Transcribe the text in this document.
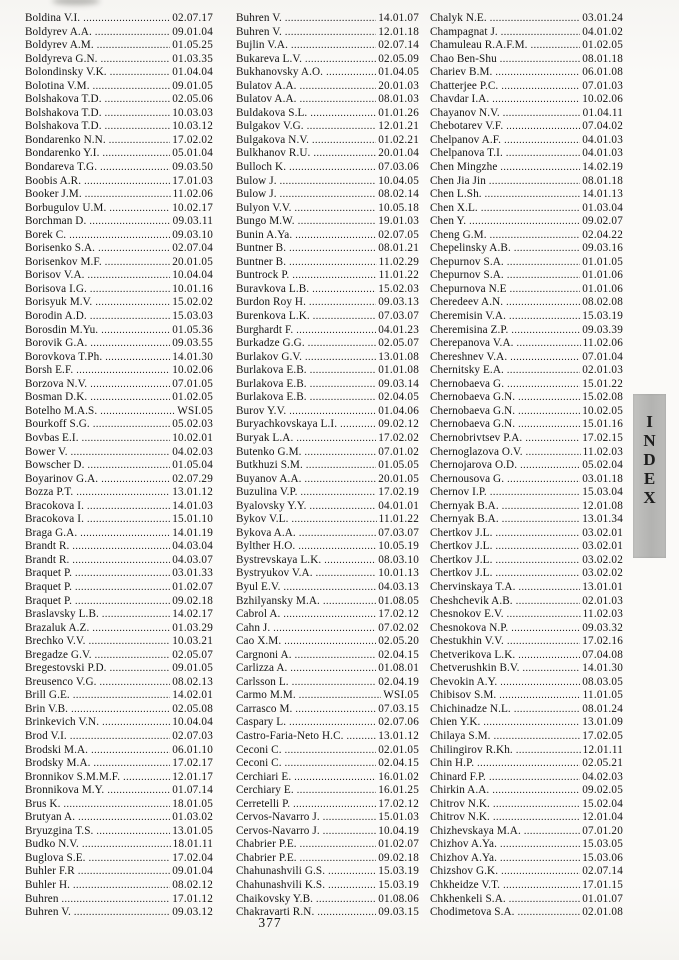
Boldina V.I. .....	02.07.17
Boldyrev A.A. .....	09.01.04
Boldyrev A.M. .....	01.05.25
Boldyreva G.N. .....	01.03.35
Bolondinsky V.K. .....	01.04.04
Bolotina V.M. .....	09.01.05
Bolshakova T.D. .....	02.05.06
Bolshakova T.D. .....	10.03.03
Bolshakova T.D. .....	10.03.12
Bondarenko N.N. .....	17.02.02
Bondarenko Y.I. .....	05.01.04
Bondareva T.G. .....	09.03.50
Boobis A.R. .....	17.01.03
Booker J.M. .....	11.02.06
Borbugulov U.M. .....	10.02.17
Borchman D. .....	09.03.11
Borek C. .....	09.03.10
Borisenko S.A. .....	02.07.04
Borisenkov M.F. .....	20.01.05
Borisov V.A. .....	10.04.04
Borisova I.G. .....	10.01.16
Borisyuk M.V. .....	15.02.02
Borodin A.D. .....	15.03.03
Borosdin M.Yu. .....	01.05.36
Borovik G.A. .....	09.03.55
Borovkova T.Ph. .....	14.01.30
Borsh E.F. .....	10.02.06
Borzova N.V. .....	07.01.05
Bosman D.K. .....	01.02.05
Botelho M.A.S. .....	WSI.05
Bourkoff S.G. .....	05.02.03
Bovbas E.I. .....	10.02.01
Bower V. .....	04.02.03
Bowscher D. .....	01.05.04
Boyarinov G.A. .....	02.07.29
Bozza P.T. .....	13.01.12
Bracokova I. .....	14.01.03
Bracokova I. .....	15.01.10
Braga G.A. .....	14.01.19
Brandt R. .....	04.03.04
Brandt R. .....	04.03.07
Braquet P. .....	03.01.33
Braquet P. .....	01.02.07
Braquet P. .....	09.02.18
Braslavsky L.B. .....	14.02.17
Brazaluk A.Z. .....	01.03.29
Brechko V.V. .....	10.03.21
Bregadze G.V. .....	02.05.07
Bregestovski P.D. .....	09.01.05
Breusenco V.G. .....	08.02.13
Brill G.E. .....	14.02.01
Brin V.B. .....	02.05.08
Brinkevich V.N. .....	10.04.04
Brod V.I. .....	02.07.03
Brodski M.A. .....	06.01.10
Brodsky M.A. .....	17.02.17
Bronnikov S.M.M.F. .....	12.01.17
Bronnikova M.Y. .....	01.07.14
Brus K. .....	18.01.05
Brutyan A. .....	01.03.02
Bryuzgina T.S. .....	13.01.05
Budko N.V. .....	18.01.11
Buglova S.E. .....	17.02.04
Buhler F.R .....	09.01.04
Buhler H. .....	08.02.12
Buhren .....	17.01.12
Buhren V. .....	09.03.12
Buhren V. .....	14.01.07
Buhren V. .....	12.01.18
Bujlin V.A. .....	02.07.14
Bukareva L.V. .....	02.05.09
Bukhanovsky A.O. .....	01.04.05
Bulatov A.A. .....	20.01.03
Bulatov A.A. .....	08.01.03
Buldakova S.L. .....	01.01.26
Bulgakov V.G. .....	12.01.21
Bulgakova N.V. .....	01.02.21
Bulkhanov R.U. .....	20.01.04
Bulloch K. .....	07.03.06
Bulow J. .....	10.04.05
Bulow J. .....	08.02.14
Bulyon V.V. .....	10.05.18
Bungo M.W. .....	19.01.03
Bunin A.Ya. .....	02.07.05
Buntner B. .....	08.01.21
Buntner B. .....	11.02.29
Buntrock P. .....	11.01.22
Buravkova L.B. .....	15.02.03
Burdon Roy H. .....	09.03.13
Burenkova L.K. .....	07.03.07
Burghardt F. .....	04.01.23
Burkadze G.G. .....	02.05.07
Burlakov G.V. .....	13.01.08
Burlakova E.B. .....	01.01.08
Burlakova E.B. .....	09.03.14
Burlakova E.B. .....	02.04.05
Burov Y.V. .....	01.04.06
Buryachkovskaya L.I. .....	09.02.12
Buryak L.A. .....	17.02.02
Butenko G.M. .....	07.01.02
Butkhuzi S.M. .....	01.05.05
Buyanov A.A. .....	20.01.05
Buzulina V.P. .....	17.02.19
Byalovsky Y.Y. .....	04.01.01
Bykov V.L. .....	11.01.22
Bykova A.A. .....	07.03.07
Bylther H.O. .....	10.05.19
Bystrevskaya L.K. .....	08.03.10
Bystryukov V.A. .....	10.01.13
Byul E.V. .....	04.03.13
Bzhilyansky M.A. .....	01.08.05
Cabrol A. .....	17.02.12
Cahn J. .....	07.02.02
Cao X.M. .....	02.05.20
Cargnoni A. .....	02.04.15
Carlizza A. .....	01.08.01
Carlsson L. .....	02.04.19
Carmo M.M. .....	WSI.05
Carrasco M. .....	07.03.15
Caspary L. .....	02.07.06
Castro-Faria-Neto H.C. .....	13.01.12
Ceconi C. .....	02.01.05
Ceconi C. .....	02.04.15
Cerchiari E. .....	16.01.02
Cerchiary E. .....	16.01.25
Cerretelli P. .....	17.02.12
Cervos-Navarro J. .....	15.01.03
Cervos-Navarro J. .....	10.04.19
Chabrier P.E. .....	01.02.07
Chabrier P.E. .....	09.02.18
Chahunashvili G.S. .....	15.03.19
Chahunashvili K.S. .....	15.03.19
Chaikovsky Y.B. .....	01.08.06
Chakravarti R.N. .....	09.03.15
Chalyk N.E. .....	03.01.24
Champagnat J. .....	04.01.02
Chamuleau R.A.F.M. .....	01.02.05
Chao Ben-Shu .....	08.01.18
Chariev B.M. .....	06.01.08
Chatterjee P.C. .....	07.01.03
Chavdar I.A. .....	10.02.06
Chayanov N.V. .....	01.04.11
Chebotarev V.F. .....	07.04.02
Chelpanov A.F. .....	04.01.03
Chelpanova T.I. .....	04.01.03
Chen Mingzhe .....	14.02.19
Chen Jia Jin .....	08.01.18
Chen L.Sh. .....	14.01.13
Chen X.L. .....	01.03.04
Chen Y. .....	09.02.07
Cheng G.M. .....	02.04.22
Chepelinsky A.B. .....	09.03.16
Chepurnov S.A. .....	01.01.05
Chepurnov S.A. .....	01.01.06
Chepurnova N.E .....	01.01.06
Cheredeev A.N. .....	08.02.08
Cheremisin V.A. .....	15.03.19
Cheremisina Z.P. .....	09.03.39
Cherepanova V.A. .....	11.02.06
Chereshnev V.A. .....	07.01.04
Chernitsky E.A. .....	02.01.03
Chernobaeva G. .....	15.01.22
Chernobaeva G.N. .....	15.02.08
Chernobaeva G.N. .....	10.02.05
Chernobaeva G.N. .....	15.01.16
Chernobrivtsev P.A. .....	17.02.15
Chernoglazova O.V. .....	11.02.03
Chernojarova O.D. .....	05.02.04
Chernousova G. .....	03.01.18
Chernov I.P. .....	15.03.04
Chernyak B.A. .....	12.01.08
Chernyak B.A. .....	13.01.34
Chertkov J.L. .....	03.02.01
Chertkov J.L. .....	03.02.01
Chertkov J.L. .....	03.02.02
Chertkov J.L. .....	03.02.02
Chervinskaya T.A. .....	13.01.01
Cheshchevik A.B. .....	02.01.03
Chesnokov E.V. .....	11.02.03
Chesnokova N.P. .....	09.03.32
Chestukhin V.V. .....	17.02.16
Chetverikova L.K. .....	07.04.08
Chetverushkin B.V. .....	14.01.30
Chevokin A.Y. .....	08.03.05
Chibisov S.M. .....	11.01.05
Chichinadze N.L. .....	08.01.24
Chien Y.K. .....	13.01.09
Chilaya S.M. .....	17.02.05
Chilingirov R.Kh. .....	12.01.11
Chin H.P. .....	02.05.21
Chinard F.P. .....	04.02.03
Chirkin A.A. .....	09.02.05
Chitrov N.K. .....	15.02.04
Chitrov N.K. .....	12.01.04
Chizhevskaya M.A. .....	07.01.20
Chizhov A.Ya. .....	15.03.05
Chizhov A.Ya. .....	15.03.06
Chizshov G.K. .....	02.07.14
Chkheidze V.T. .....	17.01.15
Chkhenkeli S.A. .....	01.01.07
Chodimetova S.A. .....	02.01.08
I
N
D
E
X
377
